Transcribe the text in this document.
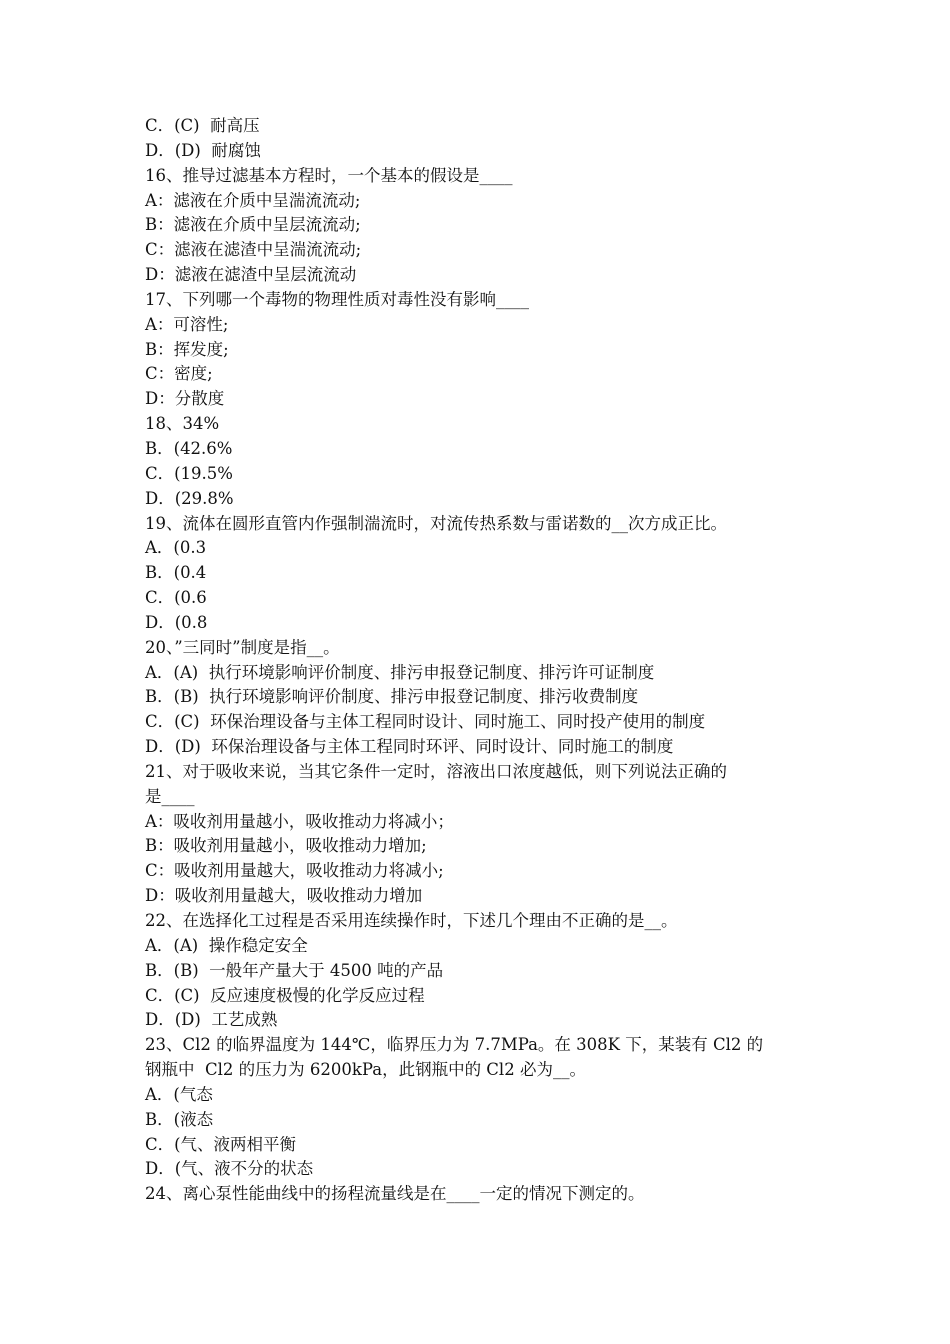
C．(C)  耐高压
D．(D)  耐腐蚀
16、推导过滤基本方程时，一个基本的假设是____
A：滤液在介质中呈湍流流动;
B：滤液在介质中呈层流流动;
C：滤液在滤渣中呈湍流流动;
D：滤液在滤渣中呈层流流动
17、下列哪一个毒物的物理性质对毒性没有影响____
A：可溶性;
B：挥发度;
C：密度;
D：分散度
18、34%
B．(42.6%
C．(19.5%
D．(29.8%
19、流体在圆形直管内作强制湍流时，对流传热系数与雷诺数的__次方成正比。
A．(0.3
B．(0.4
C．(0.6
D．(0.8
20、”三同时”制度是指__。
A．(A)  执行环境影响评价制度、排污申报登记制度、排污许可证制度
B．(B)  执行环境影响评价制度、排污申报登记制度、排污收费制度
C．(C)  环保治理设备与主体工程同时设计、同时施工、同时投产使用的制度
D．(D)  环保治理设备与主体工程同时环评、同时设计、同时施工的制度
21、对于吸收来说，当其它条件一定时，溶液出口浓度越低，则下列说法正确的
是____
A：吸收剂用量越小，吸收推动力将减小；
B：吸收剂用量越小，吸收推动力增加;
C：吸收剂用量越大，吸收推动力将减小;
D：吸收剂用量越大，吸收推动力增加
22、在选择化工过程是否采用连续操作时，下述几个理由不正确的是__。
A．(A)  操作稳定安全
B．(B)  一般年产量大于 4500 吨的产品
C．(C)  反应速度极慢的化学反应过程
D．(D)  工艺成熟
23、Cl2 的临界温度为 144℃，临界压力为 7.7MPa。在 308K 下，某装有 Cl2 的
钢瓶中  Cl2 的压力为 6200kPa，此钢瓶中的 Cl2 必为__。
A．(气态
B．(液态
C．(气、液两相平衡
D．(气、液不分的状态
24、离心泵性能曲线中的扬程流量线是在____一定的情况下测定的。
